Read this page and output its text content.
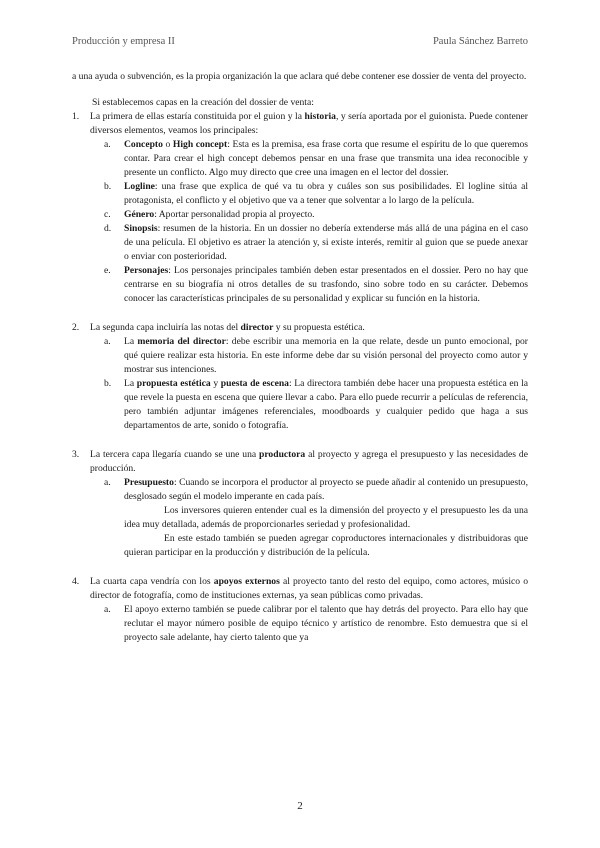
Producción y empresa II	Paula Sánchez Barreto

a una ayuda o subvención, es la propia organización la que aclara qué debe contener ese dossier de venta del proyecto.

Si establecemos capas en la creación del dossier de venta:

1.	La primera de ellas estaría constituida por el guion y la historia, y sería aportada por el guionista. Puede contener diversos elementos, veamos los principales:
a.	Concepto o High concept: Esta es la premisa, esa frase corta que resume el espíritu de lo que queremos contar. Para crear el high concept debemos pensar en una frase que transmita una idea reconocible y presente un conflicto. Algo muy directo que cree una imagen en el lector del dossier.
b.	Logline: una frase que explica de qué va tu obra y cuáles son sus posibilidades. El logline sitúa al protagonista, el conflicto y el objetivo que va a tener que solventar a lo largo de la película.
c.	Género: Aportar personalidad propia al proyecto.
d.	Sinopsis: resumen de la historia. En un dossier no debería extenderse más allá de una página en el caso de una película. El objetivo es atraer la atención y, si existe interés, remitir al guion que se puede anexar o enviar con posterioridad.
e.	Personajes: Los personajes principales también deben estar presentados en el dossier. Pero no hay que centrarse en su biografía ni otros detalles de su trasfondo, sino sobre todo en su carácter. Debemos conocer las características principales de su personalidad y explicar su función en la historia.
2.	La segunda capa incluiría las notas del director y su propuesta estética.
a.	La memoria del director: debe escribir una memoria en la que relate, desde un punto emocional, por qué quiere realizar esta historia. En este informe debe dar su visión personal del proyecto como autor y mostrar sus intenciones.
b.	La propuesta estética y puesta de escena: La directora también debe hacer una propuesta estética en la que revele la puesta en escena que quiere llevar a cabo. Para ello puede recurrir a películas de referencia, pero también adjuntar imágenes referenciales, moodboards y cualquier pedido que haga a sus departamentos de arte, sonido o fotografía.
3.	La tercera capa llegaría cuando se une una productora al proyecto y agrega el presupuesto y las necesidades de producción.
a.	Presupuesto: Cuando se incorpora el productor al proyecto se puede añadir al contenido un presupuesto, desglosado según el modelo imperante en cada país.
Los inversores quieren entender cual es la dimensión del proyecto y el presupuesto les da una idea muy detallada, además de proporcionarles seriedad y profesionalidad.
En este estado también se pueden agregar coproductores internacionales y distribuidoras que quieran participar en la producción y distribución de la película.
4.	La cuarta capa vendría con los apoyos externos al proyecto tanto del resto del equipo, como actores, músico o director de fotografía, como de instituciones externas, ya sean públicas como privadas.
a.	El apoyo externo también se puede calibrar por el talento que hay detrás del proyecto. Para ello hay que reclutar el mayor número posible de equipo técnico y artístico de renombre. Esto demuestra que si el proyecto sale adelante, hay cierto talento que ya
2
